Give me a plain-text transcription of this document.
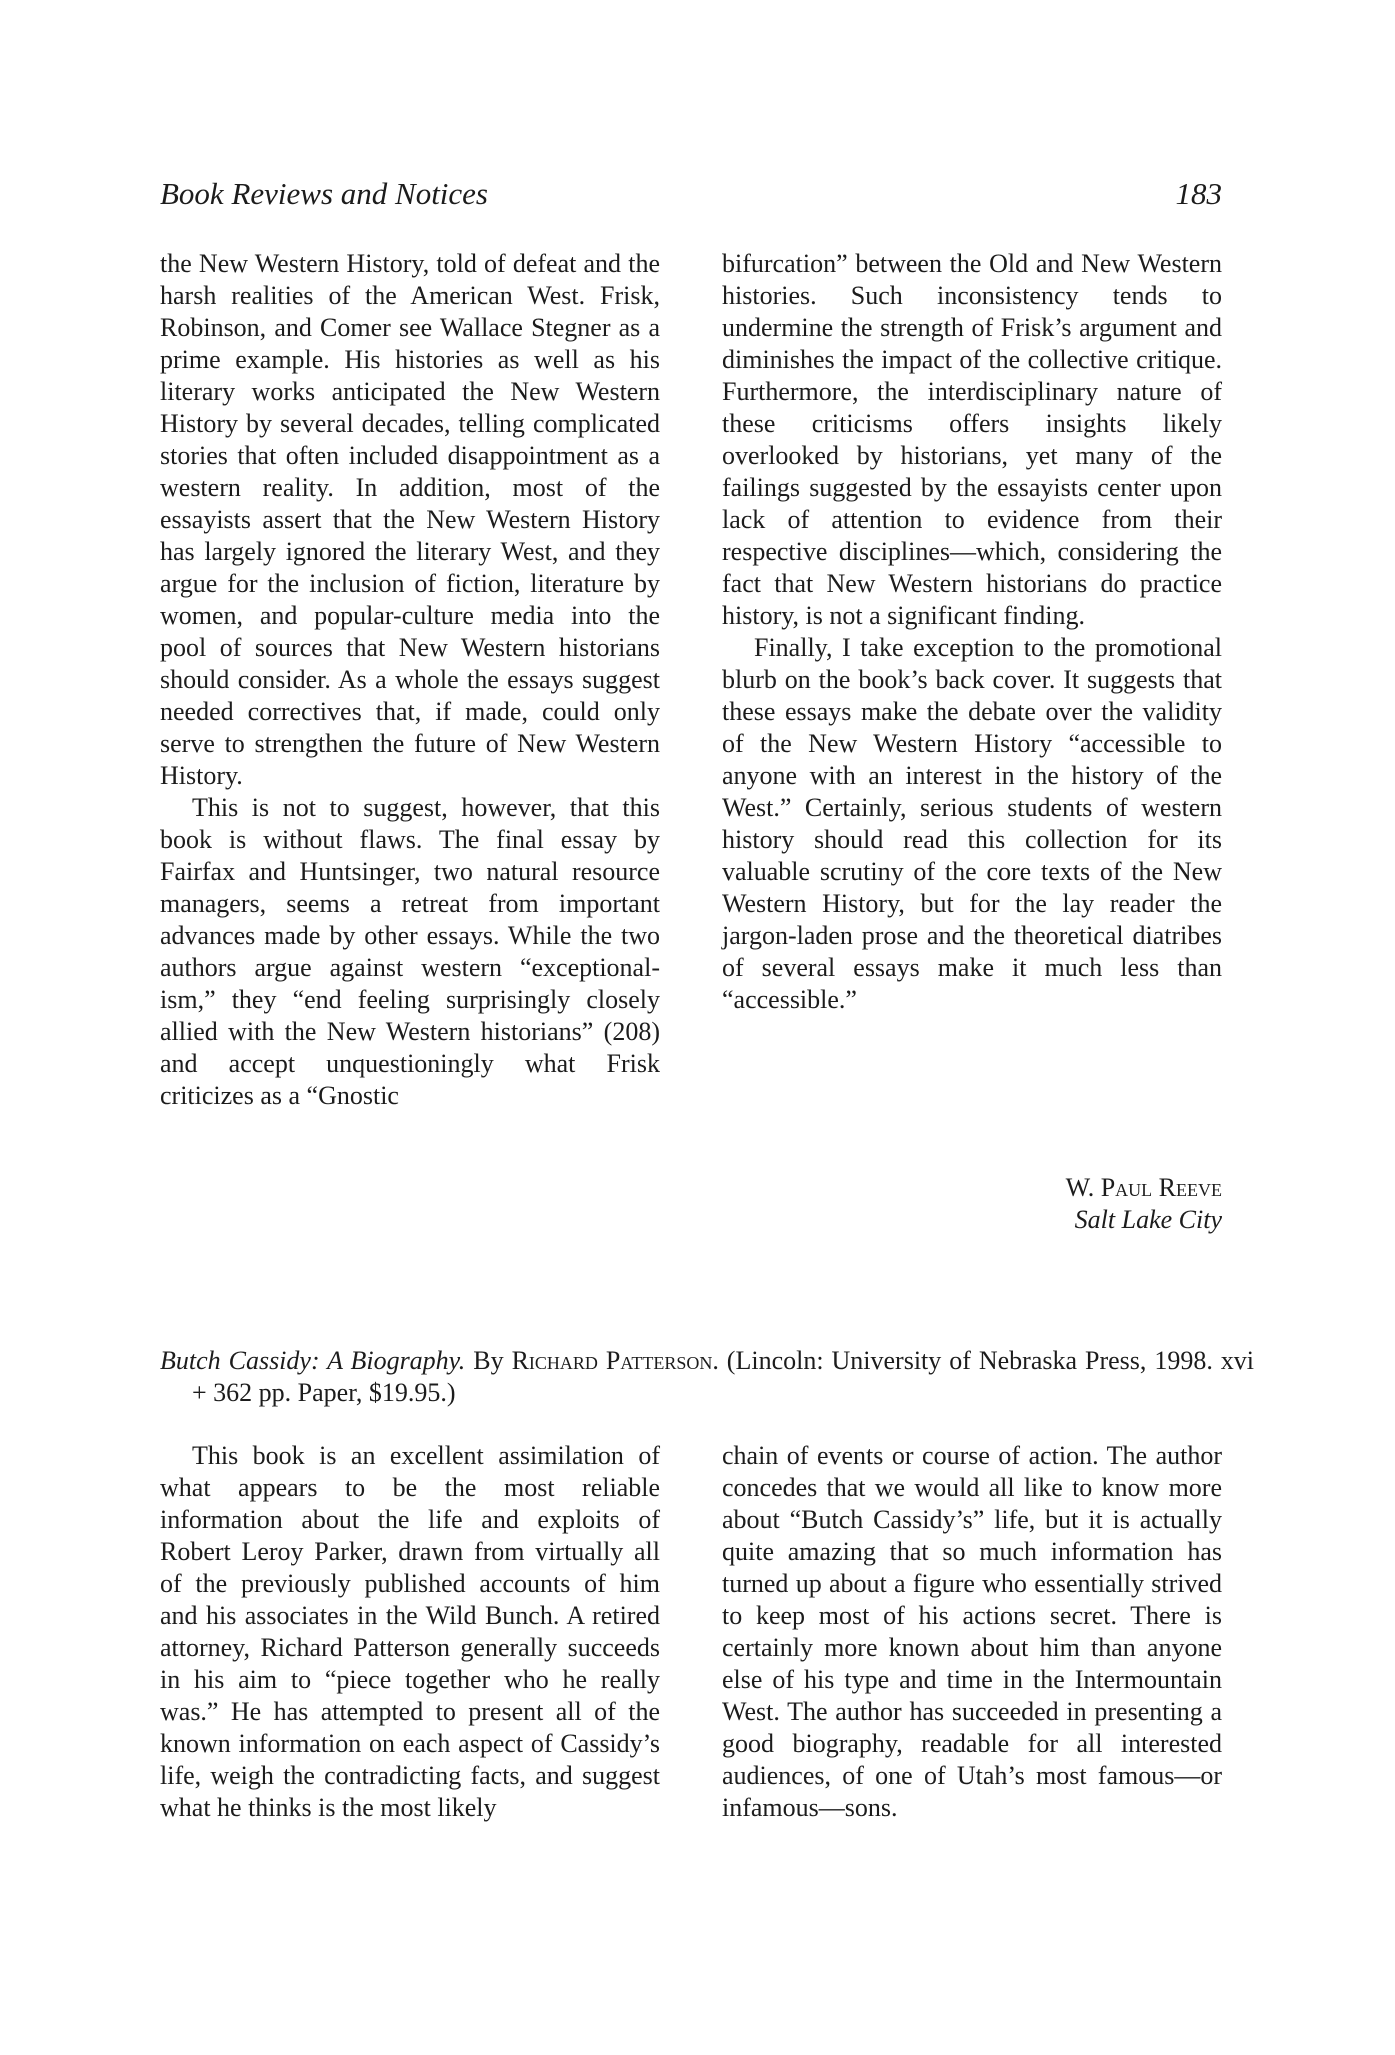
Book Reviews and Notices	183

the New Western History, told of defeat and the harsh realities of the American West. Frisk, Robinson, and Comer see Wallace Stegner as a prime example. His histories as well as his literary works anticipated the New Western History by several decades, telling complicated stories that often included disappointment as a western reality. In addition, most of the essayists assert that the New Western History has largely ignored the literary West, and they argue for the inclusion of fiction, literature by women, and popular-culture media into the pool of sources that New Western historians should consider. As a whole the essays suggest needed correctives that, if made, could only serve to strengthen the future of New Western History.

This is not to suggest, however, that this book is without flaws. The final essay by Fairfax and Huntsinger, two natural resource managers, seems a retreat from important advances made by other essays. While the two authors argue against western “exceptionalism,” they “end feeling surprisingly closely allied with the New Western historians” (208) and accept unquestioningly what Frisk criticizes as a “Gnostic

bifurcation” between the Old and New Western histories. Such inconsistency tends to undermine the strength of Frisk’s argument and diminishes the impact of the collective critique. Furthermore, the interdisciplinary nature of these criticisms offers insights likely overlooked by historians, yet many of the failings suggested by the essayists center upon lack of attention to evidence from their respective disciplines—which, considering the fact that New Western historians do practice history, is not a significant finding.

Finally, I take exception to the promotional blurb on the book’s back cover. It suggests that these essays make the debate over the validity of the New Western History “accessible to anyone with an interest in the history of the West.” Certainly, serious students of western history should read this collection for its valuable scrutiny of the core texts of the New Western History, but for the lay reader the jargon-laden prose and the theoretical diatribes of several essays make it much less than “accessible.”

W. Paul Reeve
Salt Lake City
Butch Cassidy: A Biography. By Richard Patterson. (Lincoln: University of Nebraska Press, 1998. xvi + 362 pp. Paper, $19.95.)

This book is an excellent assimilation of what appears to be the most reliable information about the life and exploits of Robert Leroy Parker, drawn from virtually all of the previously published accounts of him and his associates in the Wild Bunch. A retired attorney, Richard Patterson generally succeeds in his aim to “piece together who he really was.” He has attempted to present all of the known information on each aspect of Cassidy’s life, weigh the contradicting facts, and suggest what he thinks is the most likely

chain of events or course of action. The author concedes that we would all like to know more about “Butch Cassidy’s” life, but it is actually quite amazing that so much information has turned up about a figure who essentially strived to keep most of his actions secret. There is certainly more known about him than anyone else of his type and time in the Intermountain West. The author has succeeded in presenting a good biography, readable for all interested audiences, of one of Utah’s most famous—or infamous—sons.
